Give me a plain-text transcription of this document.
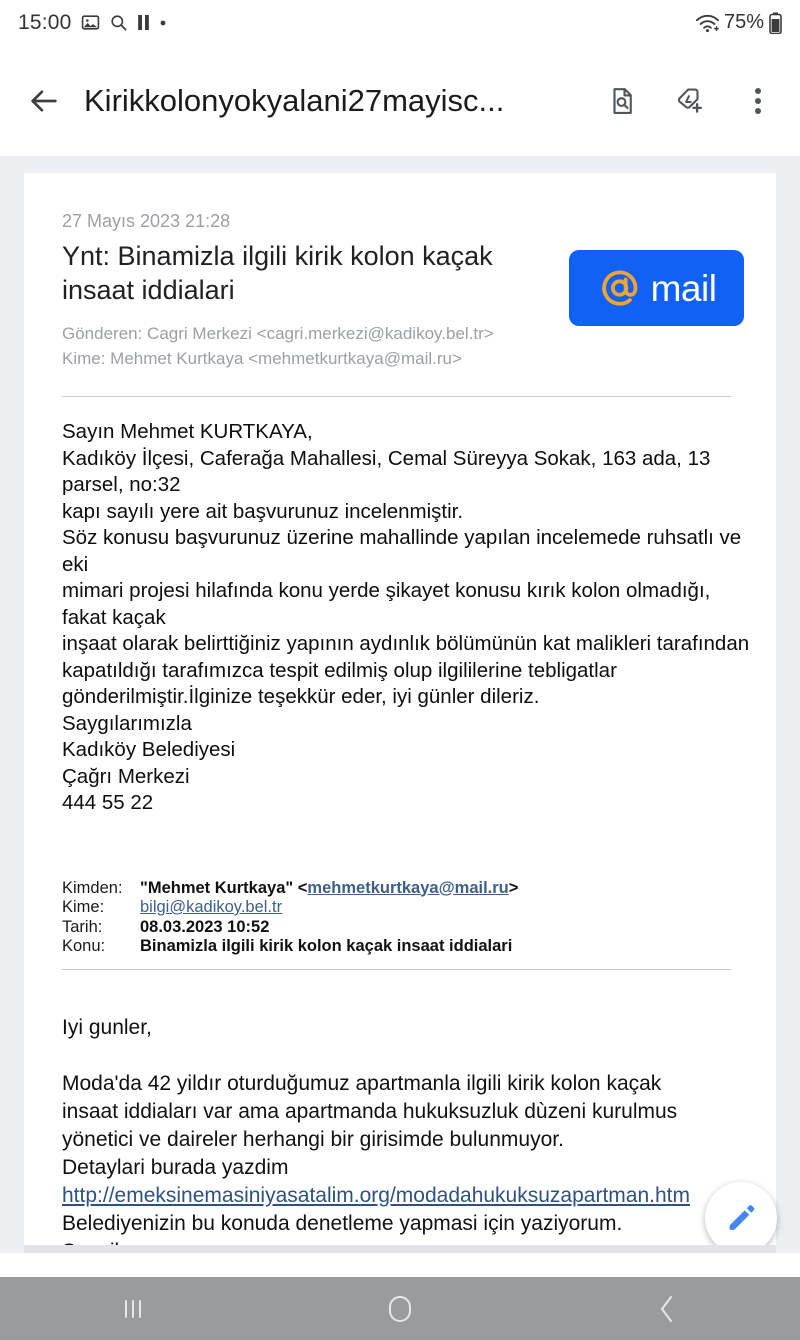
15:00	75%
Kirikkolonyokyalani27mayisc...
27 Mayıs 2023 21:28
Ynt: Binamizla ilgili kirik kolon kaçak insaat iddialari
Gönderen: Cagri Merkezi <cagri.merkezi@kadikoy.bel.tr>
Kime: Mehmet Kurtkaya <mehmetkurtkaya@mail.ru>
mail
Sayın Mehmet KURTKAYA,
Kadıköy İlçesi, Caferağa Mahallesi, Cemal Süreyya Sokak, 163 ada, 13 parsel, no:32
kapı sayılı yere ait başvurunuz incelenmiştir.
Söz konusu başvurunuz üzerine mahallinde yapılan incelemede ruhsatlı ve eki
mimari projesi hilafında konu yerde şikayet konusu kırık kolon olmadığı, fakat kaçak
inşaat olarak belirttiğiniz yapının aydınlık bölümünün kat malikleri tarafından
kapatıldığı tarafımızca tespit edilmiş olup ilgililerine tebligatlar
gönderilmiştir.İlginize teşekkür eder, iyi günler dileriz.
Saygılarımızla
Kadıköy Belediyesi
Çağrı Merkezi
444 55 22
Kimden:	"Mehmet Kurtkaya" <mehmetkurtkaya@mail.ru>
Kime:	bilgi@kadikoy.bel.tr
Tarih:	08.03.2023 10:52
Konu:	Binamizla ilgili kirik kolon kaçak insaat iddialari
Iyi gunler,

Moda'da 42 yildır oturduğumuz apartmanla ilgili kirik kolon kaçak
insaat iddiaları var ama apartmanda hukuksuzluk dùzeni kurulmus
yönetici ve daireler herhangi bir girisimde bulunmuyor.
Detaylari burada yazdim
http://emeksinemasiniyasatalim.org/modadahukuksuzapartman.htm
Belediyenizin bu konuda denetleme yapmasi için yaziyorum.
